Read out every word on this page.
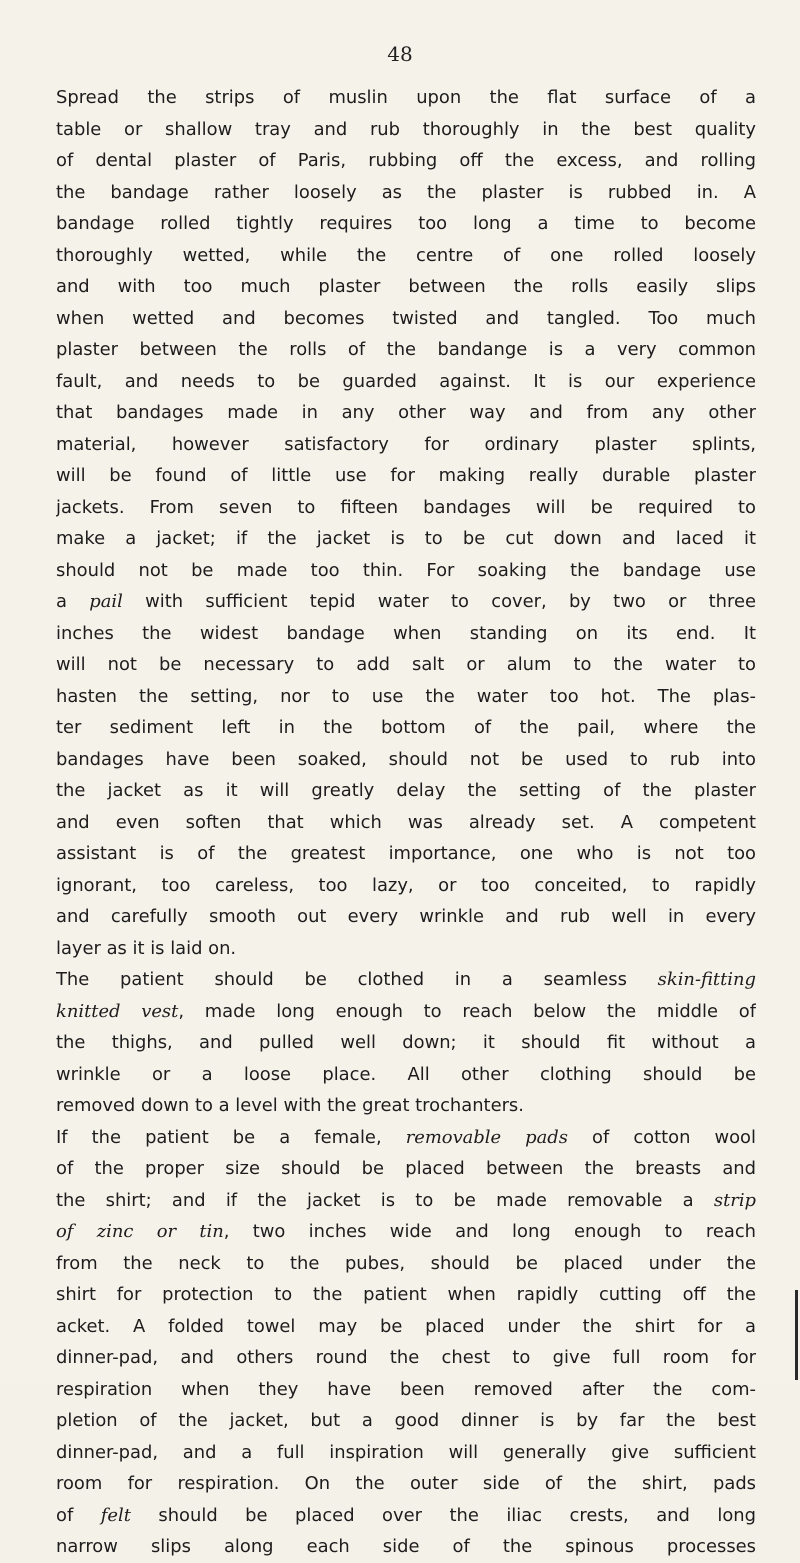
48
Spread the strips of muslin upon the flat surface of a
table or shallow tray and rub thoroughly in the best quality
of dental plaster of Paris, rubbing off the excess, and rolling
the bandage rather loosely as the plaster is rubbed in. A
bandage rolled tightly requires too long a time to become
thoroughly wetted, while the centre of one rolled loosely
and with too much plaster between the rolls easily slips
when wetted and becomes twisted and tangled. Too much
plaster between the rolls of the bandange is a very common
fault, and needs to be guarded against. It is our experience
that bandages made in any other way and from any other
material, however satisfactory for ordinary plaster splints,
will be found of little use for making really durable plaster
jackets. From seven to fifteen bandages will be required to
make a jacket; if the jacket is to be cut down and laced it
should not be made too thin. For soaking the bandage use
a pail with sufficient tepid water to cover, by two or three
inches the widest bandage when standing on its end. It
will not be necessary to add salt or alum to the water to
hasten the setting, nor to use the water too hot. The plas-
ter sediment left in the bottom of the pail, where the
bandages have been soaked, should not be used to rub into
the jacket as it will greatly delay the setting of the plaster
and even soften that which was already set. A competent
assistant is of the greatest importance, one who is not too
ignorant, too careless, too lazy, or too conceited, to rapidly
and carefully smooth out every wrinkle and rub well in every
layer as it is laid on.
The patient should be clothed in a seamless skin-fitting
knitted vest, made long enough to reach below the middle of
the thighs, and pulled well down; it should fit without a
wrinkle or a loose place. All other clothing should be
removed down to a level with the great trochanters.
If the patient be a female, removable pads of cotton wool
of the proper size should be placed between the breasts and
the shirt; and if the jacket is to be made removable a strip
of zinc or tin, two inches wide and long enough to reach
from the neck to the pubes, should be placed under the
shirt for protection to the patient when rapidly cutting off the
acket. A folded towel may be placed under the shirt for a
dinner-pad, and others round the chest to give full room for
respiration when they have been removed after the com-
pletion of the jacket, but a good dinner is by far the best
dinner-pad, and a full inspiration will generally give sufficient
room for respiration. On the outer side of the shirt, pads
of felt should be placed over the iliac crests, and long
narrow slips along each side of the spinous processes
